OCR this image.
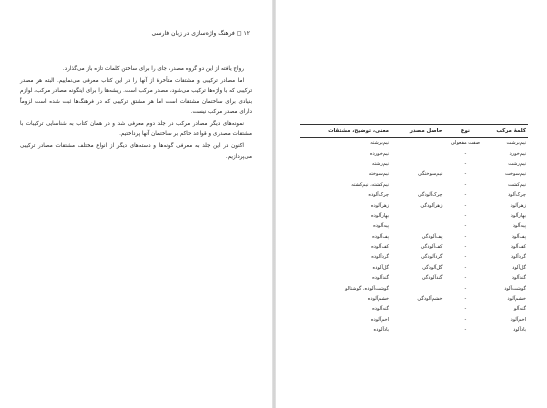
۱۲ ◻ فرهنگ واژه‌سازی در زبان فارسی

رواج یافته از این دو گروه مصدر، جای را برای ساختن کلمات تازه باز می‌گذارد.

اما مصادر ترکیبی و مشتقات متأخرهٔ از آنها را در این کتاب معرفی می‌نماییم. البته هر مصدر ترکیبی که با واژه‌ها ترکیب می‌شود، مصدر مرکب است. ریشه‌ها را برای اینگونه مصادر مرکب، لوازم بنیادی برای ساختمان مشتقات است اما هر مشتق ترکیبی که در فرهنگ‌ها ثبت شده است لزوماً دارای مصدر مرکب نیست.

نمونه‌های دیگر مصادر مرکب در جلد دوم معرفی شد و در همان کتاب به شناسایی ترکیبات با مشتقات مصدری و قواعد حاکم بر ساختمان آنها پرداختیم.

اکنون در این جلد به معرفی گونه‌ها و دسته‌های دیگر از انواع مختلف مشتقات مصادر ترکیبی می‌پردازیم.

کلمهٔ مرکب	نوع	حاصل مصدر	معنی، توضیح، مشتقات
نیم‌برشت	صفت مفعولی		نیم‌برشته
نیم‌خورد	-		نیم‌خورده
نیم‌رشت	-		نیم‌رشته
نیم‌سوخت	-	نیم‌سوختگی	نیم‌سوخته
نیم‌کشت	-		نیم‌کشته، نیم‌کشته
چرک‌آلود	-	چرک‌آلودگی	چرک‌آلوده
زهرآلود	-	زهرآلودگی	زهرآلوده
بهارآلود	-		بهارآلوده
پیه‌آلود	-		پیه‌آلوده
پف‌آلود	-	پف‌آلودگی	پف‌آلوده
کف‌آلود	-	کف‌آلودگی	کف‌آلوده
گردآلود	-	گردآلودگی	گردآلوده
گل‌آلود	-	گل‌آلودگی	گل‌آلوده
گندآلود	-	گندآلودگی	گندآلوده
گوشت‌آلود	-		گوشت‌آلوده، گوشتالو
خشم‌آلود	-	خشم‌آلودگی	خشم‌آلوده
گنه‌آلو	-		گنه‌آلوده
اخم‌آلود	-		اخم‌آلوده
باد‌آلود	-		بادآلوده
